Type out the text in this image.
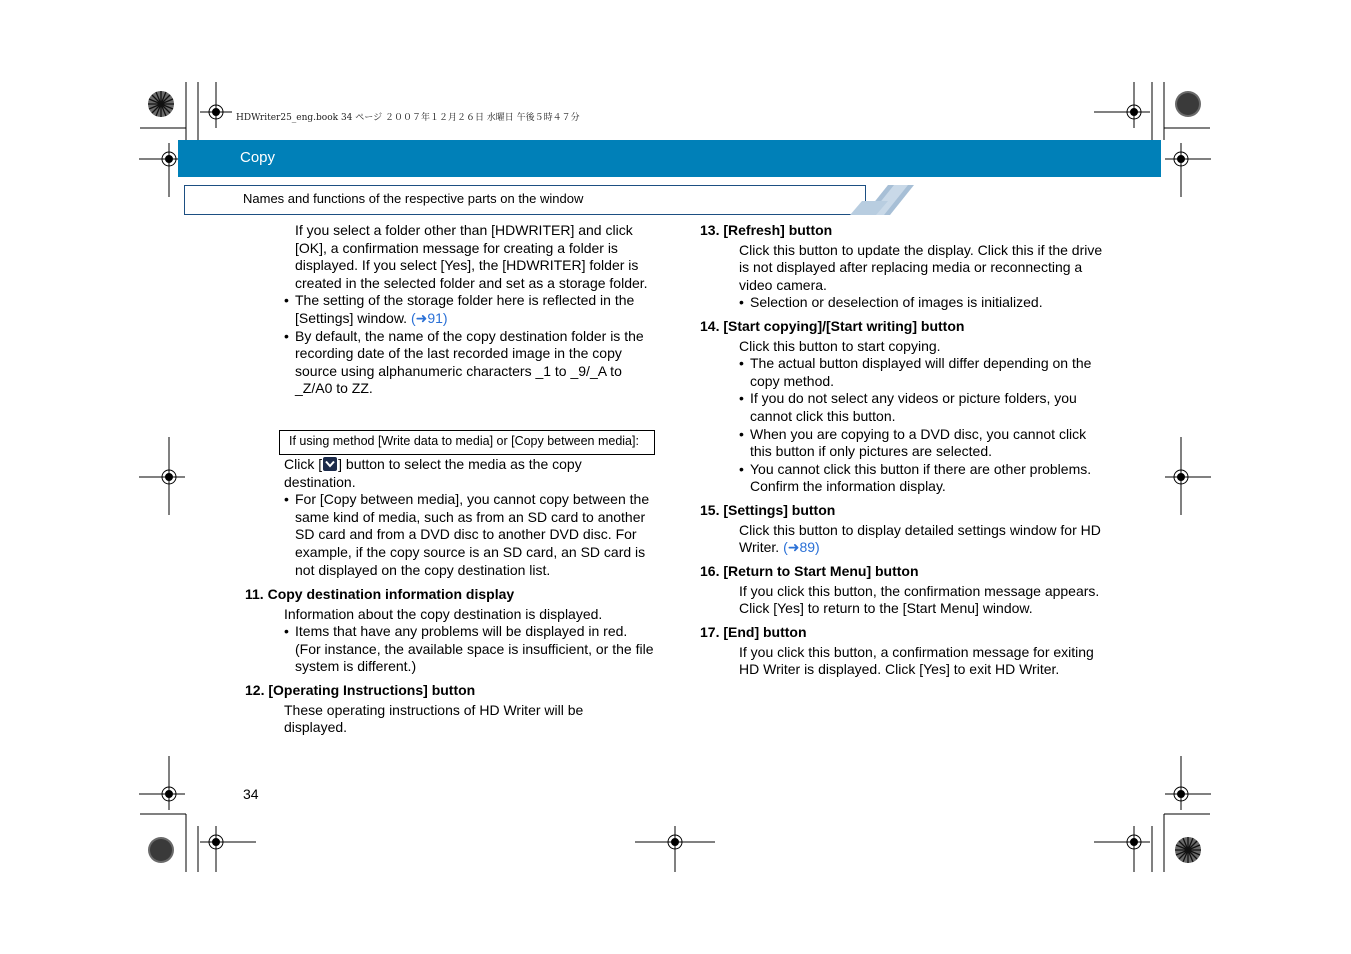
HDWriter25_eng.book 34 ページ ２００７年１２月２６日 水曜日 午後５時４７分
Copy
Names and functions of the respective parts on the window

If you select a folder other than [HDWRITER] and click [OK], a confirmation message for creating a folder is displayed. If you select [Yes], the [HDWRITER] folder is created in the selected folder and set as a storage folder.

• The setting of the storage folder here is reflected in the [Settings] window. (➜91)

• By default, the name of the copy destination folder is the recording date of the last recorded image in the copy source using alphanumeric characters _1 to _9/_A to _Z/A0 to ZZ.

If using method [Write data to media] or [Copy between media]:

Click [ ] button to select the media as the copy destination.

• For [Copy between media], you cannot copy between the same kind of media, such as from an SD card to another SD card and from a DVD disc to another DVD disc. For example, if the copy source is an SD card, an SD card is not displayed on the copy destination list.

11. Copy destination information display

Information about the copy destination is displayed.

• Items that have any problems will be displayed in red. (For instance, the available space is insufficient, or the file system is different.)

12. [Operating Instructions] button

These operating instructions of HD Writer will be displayed.

13. [Refresh] button

Click this button to update the display. Click this if the drive is not displayed after replacing media or reconnecting a video camera.

• Selection or deselection of images is initialized.

14. [Start copying]/[Start writing] button

Click this button to start copying.

• The actual button displayed will differ depending on the copy method.

• If you do not select any videos or picture folders, you cannot click this button.

• When you are copying to a DVD disc, you cannot click this button if only pictures are selected.

• You cannot click this button if there are other problems. Confirm the information display.

15. [Settings] button

Click this button to display detailed settings window for HD Writer. (➜89)

16. [Return to Start Menu] button

If you click this button, the confirmation message appears. Click [Yes] to return to the [Start Menu] window.

17. [End] button

If you click this button, a confirmation message for exiting HD Writer is displayed. Click [Yes] to exit HD Writer.

34
